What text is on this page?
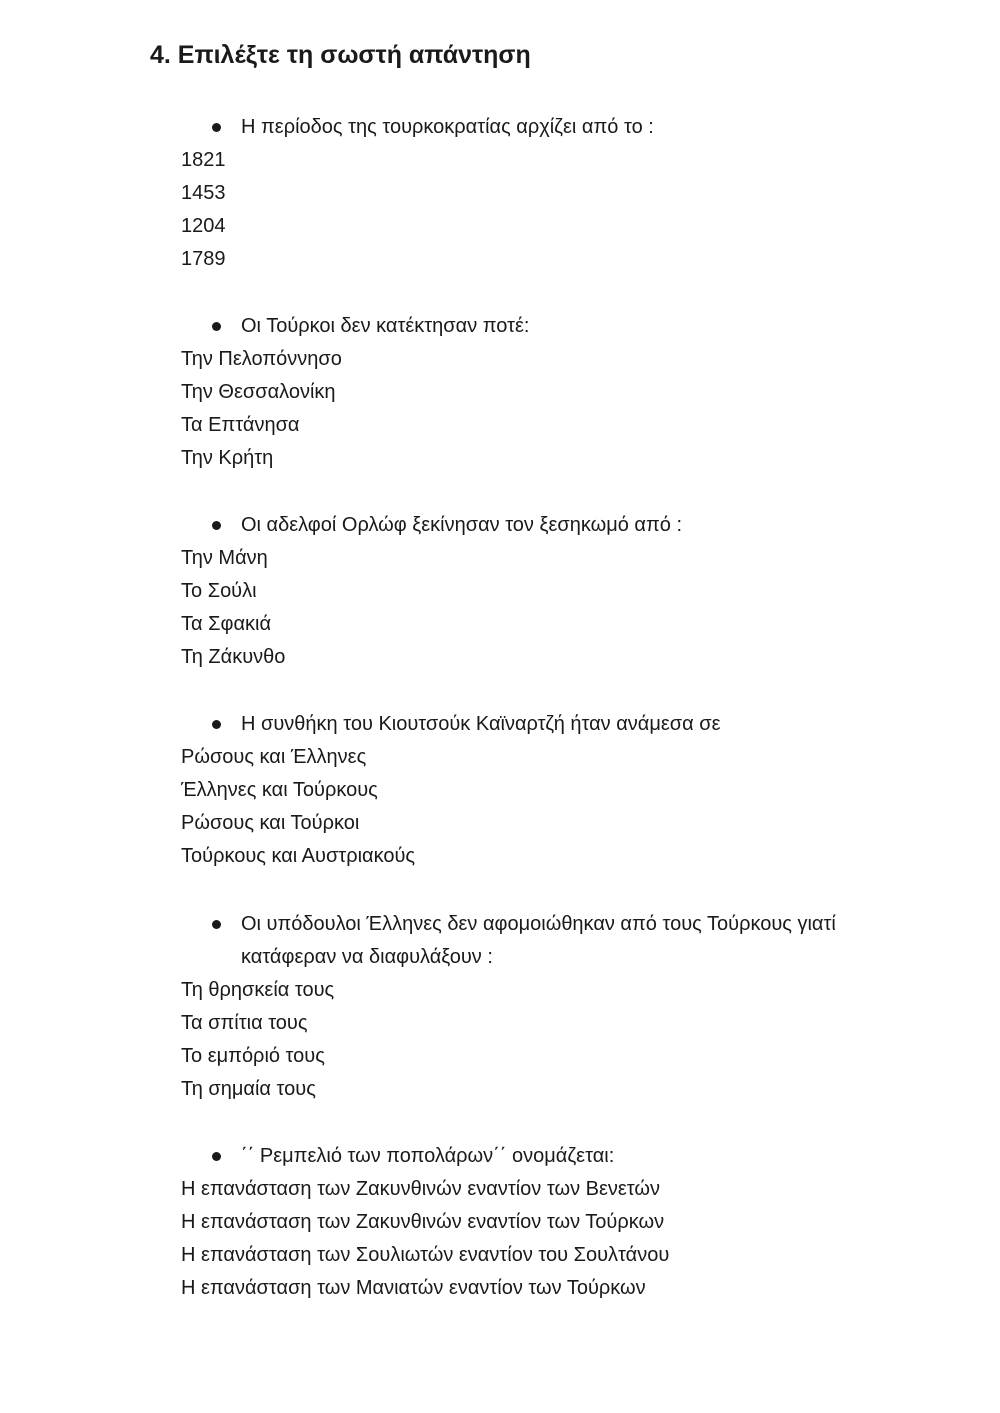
4. Επιλέξτε τη σωστή απάντηση

Η περίοδος της τουρκοκρατίας αρχίζει από το :

1821
1453
1204
1789

Οι Τούρκοι δεν κατέκτησαν ποτέ:

Την Πελοπόννησο
Την Θεσσαλονίκη
Τα Επτάνησα
Την Κρήτη

Οι αδελφοί Ορλώφ ξεκίνησαν τον ξεσηκωμό από :

Την Μάνη
Το Σούλι
Τα Σφακιά
Τη Ζάκυνθο

Η συνθήκη του Κιουτσούκ Καϊναρτζή ήταν ανάμεσα σε

Ρώσους και Έλληνες
Έλληνες και Τούρκους
Ρώσους και Τούρκοι
Τούρκους και Αυστριακούς

Οι υπόδουλοι Έλληνες δεν αφομοιώθηκαν από τους Τούρκους γιατί κατάφεραν να διαφυλάξουν :

Τη θρησκεία τους
Τα σπίτια τους
Το εμπόριό τους
Τη σημαία τους

΄΄ Ρεμπελιό των ποπολάρων΄΄ ονομάζεται:

Η επανάσταση των Ζακυνθινών εναντίον των Βενετών
Η επανάσταση των Ζακυνθινών εναντίον των Τούρκων
Η επανάσταση των Σουλιωτών εναντίον του Σουλτάνου
Η επανάσταση των Μανιατών εναντίον των Τούρκων
